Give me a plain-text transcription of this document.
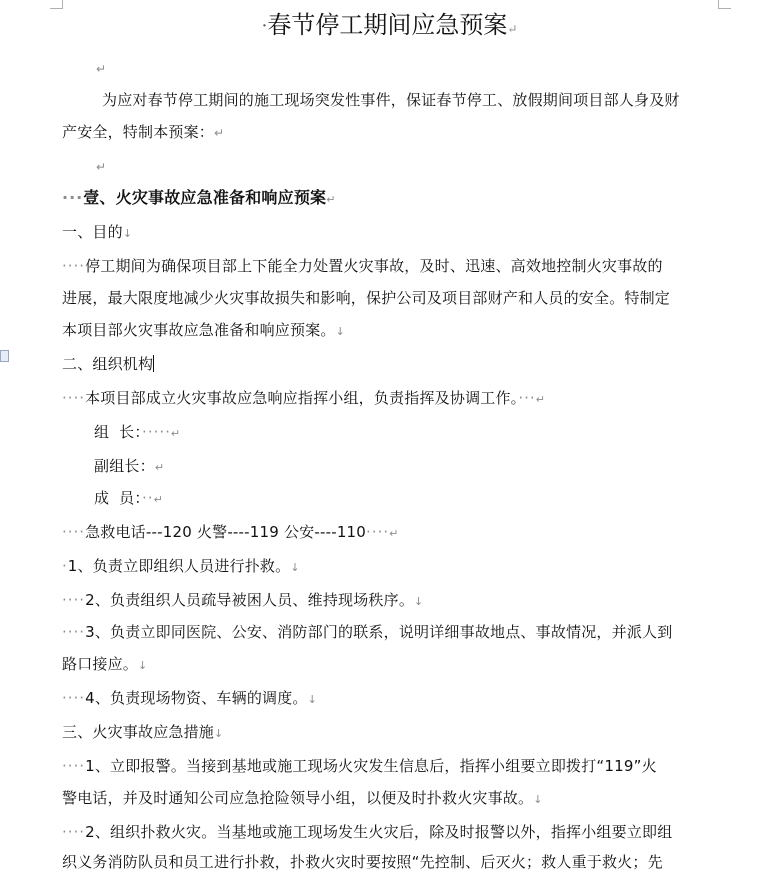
·春节停工期间应急预案↵
↵
为应对春节停工期间的施工现场突发性事件，保证春节停工、放假期间项目部人身及财
产安全，特制本预案：↵
↵
···壹、火灾事故应急准备和响应预案↵
一、目的↓
····停工期间为确保项目部上下能全力处置火灾事故，及时、迅速、高效地控制火灾事故的
进展，最大限度地减少火灾事故损失和影响，保护公司及项目部财产和人员的安全。特制定
本项目部火灾事故应急准备和响应预案。↓
二、组织机构
····本项目部成立火灾事故应急响应指挥小组，负责指挥及协调工作。···↵
组  长：·····↵
副组长：↵
成  员：··↵
····急救电话---120 火警----119 公安----110····↵
·1、负责立即组织人员进行扑救。↓
····2、负责组织人员疏导被困人员、维持现场秩序。↓
····3、负责立即同医院、公安、消防部门的联系，说明详细事故地点、事故情况，并派人到
路口接应。↓
····4、负责现场物资、车辆的调度。↓
三、火灾事故应急措施↓
····1、立即报警。当接到基地或施工现场火灾发生信息后，指挥小组要立即拨打“119”火
警电话，并及时通知公司应急抢险领导小组，以便及时扑救火灾事故。↓
····2、组织扑救火灾。当基地或施工现场发生火灾后，除及时报警以外，指挥小组要立即组
织义务消防队员和员工进行扑救，扑救火灾时要按照“先控制、后灭火；救人重于救火；先
